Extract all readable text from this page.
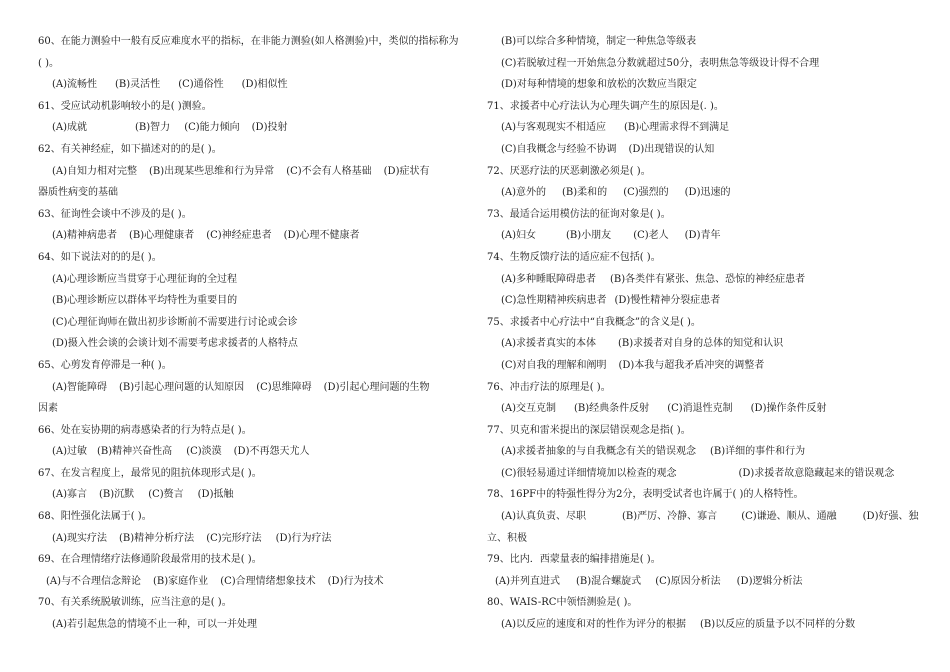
60、在能力测验中一般有反应难度水平的指标，在非能力测验(如人格测验)中，类似的指标称为
( )。
(A)流畅性 (B)灵活性 (C)通俗性 (D)相似性
61、受应试动机影响较小的是( )测验。
(A)成就	(B)智力 (C)能力倾向 (D)投射
62、有关神经症，如下描述对的的是( )。
(A)自知力相对完整 (B)出现某些思维和行为异常 (C)不会有人格基础 (D)症状有
器质性病变的基础
63、征询性会谈中不涉及的是( )。
(A)精神病患者 (B)心理健康者 (C)神经症患者 (D)心理不健康者
64、如下说法对的的是( )。
(A)心理诊断应当贯穿于心理征询的全过程
(B)心理诊断应以群体平均特性为重要目的
(C)心理征询师在做出初步诊断前不需要进行讨论或会诊
(D)摄入性会谈的会谈计划不需要考虑求援者的人格特点
65、心剪发育停滞是一种( )。
(A)智能障碍 (B)引起心理问题的认知原因 (C)思维障碍 (D)引起心理问题的生物
因素
66、处在妄协期的病毒感染者的行为特点是( )。
(A)过敏 (B)精神兴奋性高 (C)淡漠 (D)不再怨天尤人
67、在发言程度上，最常见的阻抗体现形式是( )。
(A)寡言 (B)沉默 (C)赘言 (D)抵触
68、阳性强化法属于( )。
(A)现实疗法 (B)精神分析疗法 (C)完形疗法 (D)行为疗法
69、在合理情绪疗法修通阶段最常用的技术是( )。
(A)与不合理信念辩论 (B)家庭作业 (C)合理情绪想象技术 (D)行为技术
70、有关系统脱敏训练，应当注意的是( )。
(A)若引起焦急的情境不止一种，可以一并处理
(B)可以综合多种情境，制定一种焦急等级表
(C)若脱敏过程一开始焦急分数就超过50分，表明焦急等级设计得不合理
(D)对每种情境的想象和放松的次数应当限定
71、求援者中心疗法认为心理失调产生的原因是(. )。
(A)与客观现实不相适应 (B)心理需求得不到满足
(C)自我概念与经验不协调 (D)出现错误的认知
72、厌恶疗法的厌恶刺激必须是( )。
(A)意外的 (B)柔和的 (C)强烈的 (D)迅速的
73、最适合运用模仿法的征询对象是( )。
(A)妇女	(B)小朋友 (C)老人 (D)青年
74、生物反馈疗法的适应症不包括( )。
(A)多种睡眠障碍患者 (B)各类伴有紧张、焦急、恐惊的神经症患者
(C)急性期精神疾病患者 (D)慢性精神分裂症患者
75、求援者中心疗法中“自我概念”的含义是( )。
(A)求援者真实的本体 (B)求援者对自身的总体的知觉和认识
(C)对自我的理解和阐明 (D)本我与超我矛盾冲突的调整者
76、冲击疗法的原理是( )。
(A)交互克制 (B)经典条件反射 (C)消退性克制 (D)操作条件反射
77、贝克和雷米提出的深层错误观念是指( )。
(A)求援者抽象的与自我概念有关的错误观念 (B)详细的事件和行为
(C)很轻易通过详细情境加以检查的观念	(D)求援者故意隐藏起来的错误观念
78、16PF中的特强性得分为2分，表明受试者也许属于( )的人格特性。
(A)认真负责、尽职	(B)严厉、冷静、寡言 (C)谦逊、顺从、通融	(D)好强、独
立、积极
79、比内．西蒙量表的编排措施是( )。
(A)并列直进式 (B)混合螺旋式 (C)原因分析法 (D)逻辑分析法
80、WAIS-RC中领悟测验是( )。
(A)以反应的速度和对的性作为评分的根据 (B)以反应的质量予以不同样的分数
